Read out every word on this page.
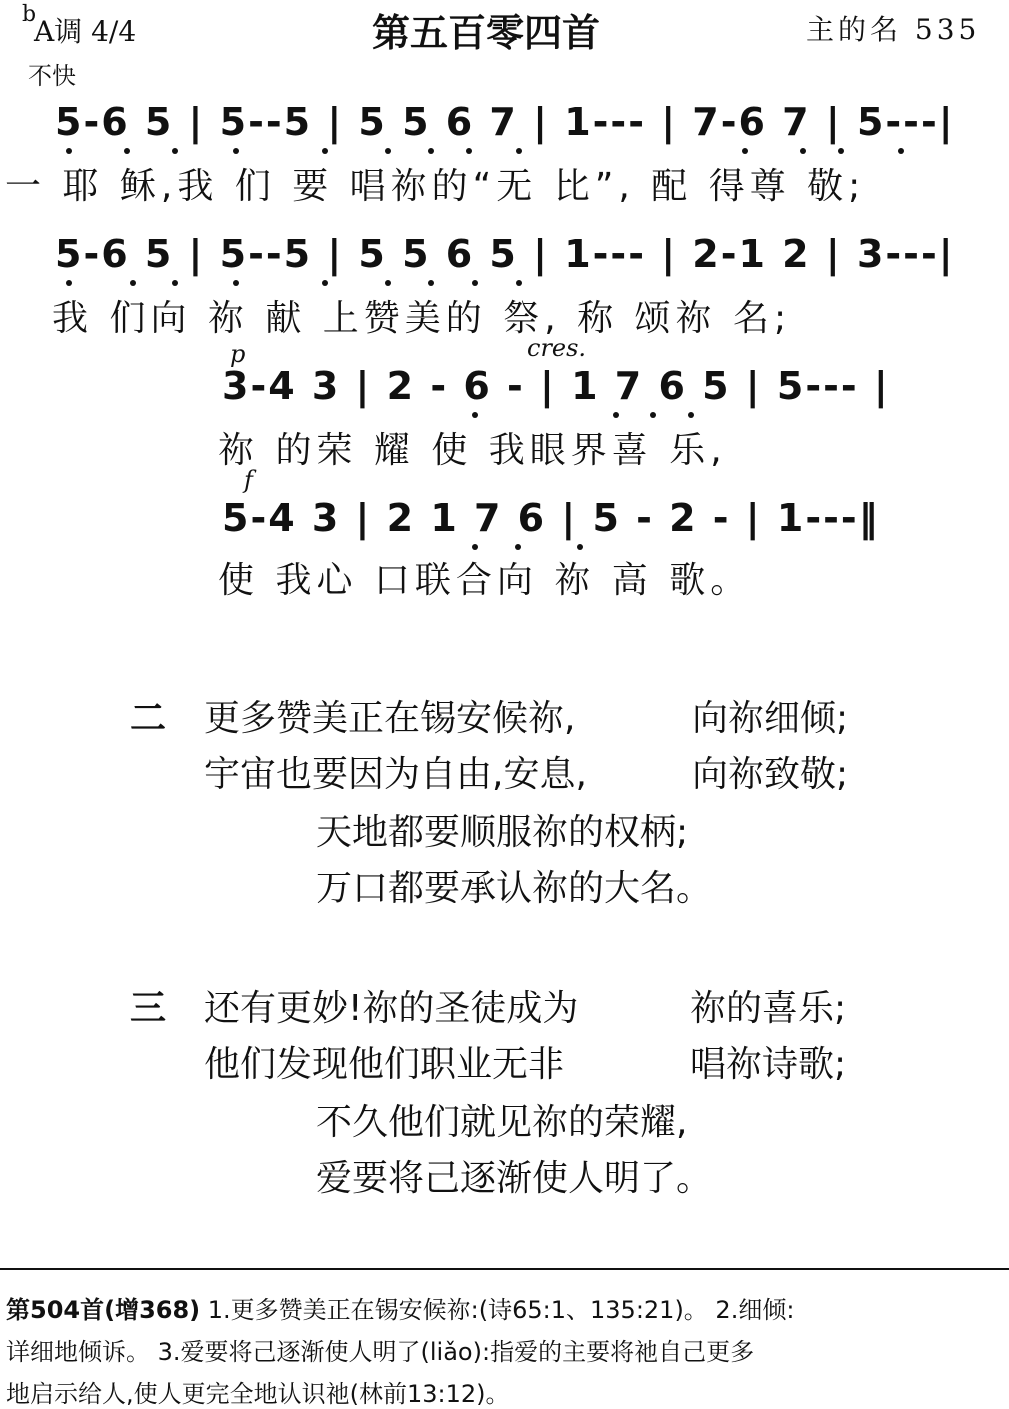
b
A调 4/4
不快
第五百零四首	主的名 535
5-6 5 | 5--5 | 5 5 6 7 | 1--- | 7-6 7 | 5---|
一 耶 稣,我 们 要 唱祢的“无 比”, 配 得尊 敬;
5-6 5 | 5--5 | 5 5 6 5 | 1--- | 2-1 2 | 3---|
我 们向 祢 献 上赞美的 祭, 称 颂祢 名;
p	cres.
3-4 3 | 2 - 6 - | 1 7 6 5 | 5--- |
祢 的荣 耀 使 我眼界喜 乐,
f
5-4 3 | 2 1 7 6 | 5 - 2 - | 1---‖
使 我心 口联合向 祢 高 歌。
二 更多赞美正在锡安候祢,	向祢细倾;
宇宙也要因为自由,安息,	向祢致敬;
天地都要顺服祢的权柄;
万口都要承认祢的大名。
三 还有更妙!祢的圣徒成为	祢的喜乐;
他们发现他们职业无非	唱祢诗歌;
不久他们就见祢的荣耀,
爱要将己逐渐使人明了。
第504首(增368) 1.更多赞美正在锡安候祢:(诗65:1、135:21)。 2.细倾:
详细地倾诉。 3.爱要将己逐渐使人明了(liǎo):指爱的主要将祂自己更多
地启示给人,使人更完全地认识祂(林前13:12)。
